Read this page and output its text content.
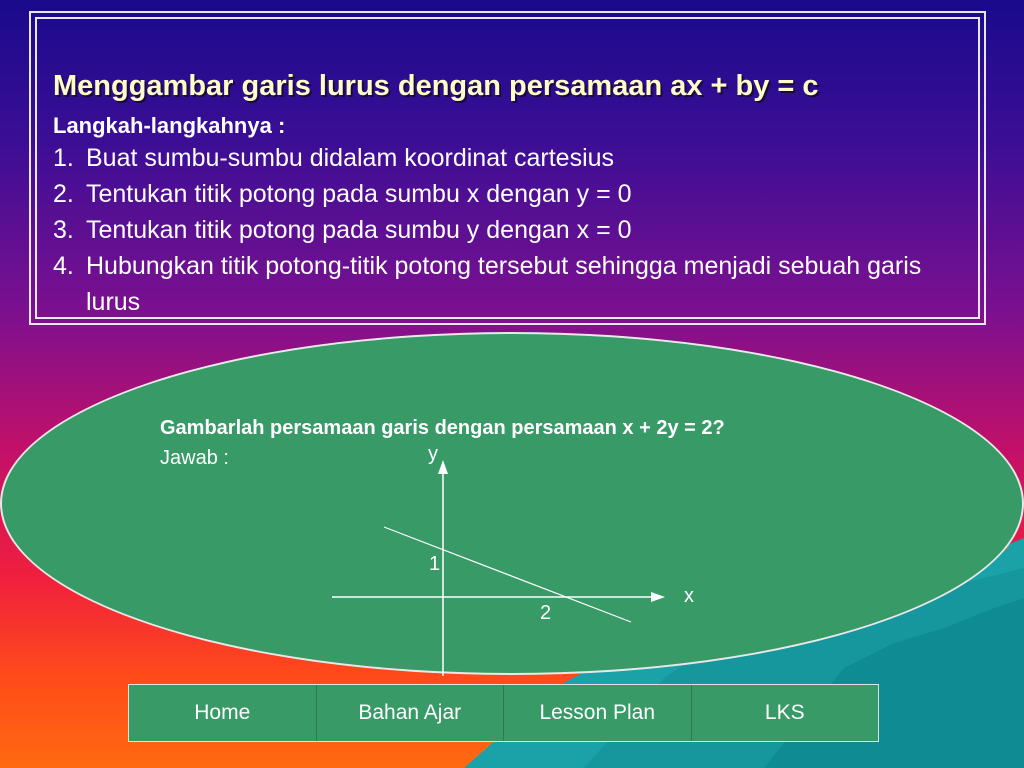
Menggambar garis lurus dengan persamaan ax + by = c
Langkah-langkahnya :
1. Buat sumbu-sumbu didalam koordinat cartesius
2. Tentukan titik potong pada sumbu x dengan y = 0
3. Tentukan titik potong pada sumbu y dengan x = 0
4. Hubungkan titik potong-titik potong tersebut sehingga menjadi sebuah garis lurus
Gambarlah persamaan garis dengan persamaan x + 2y = 2?
Jawab :	y
x
1
2
Home	Bahan Ajar	Lesson Plan	LKS
